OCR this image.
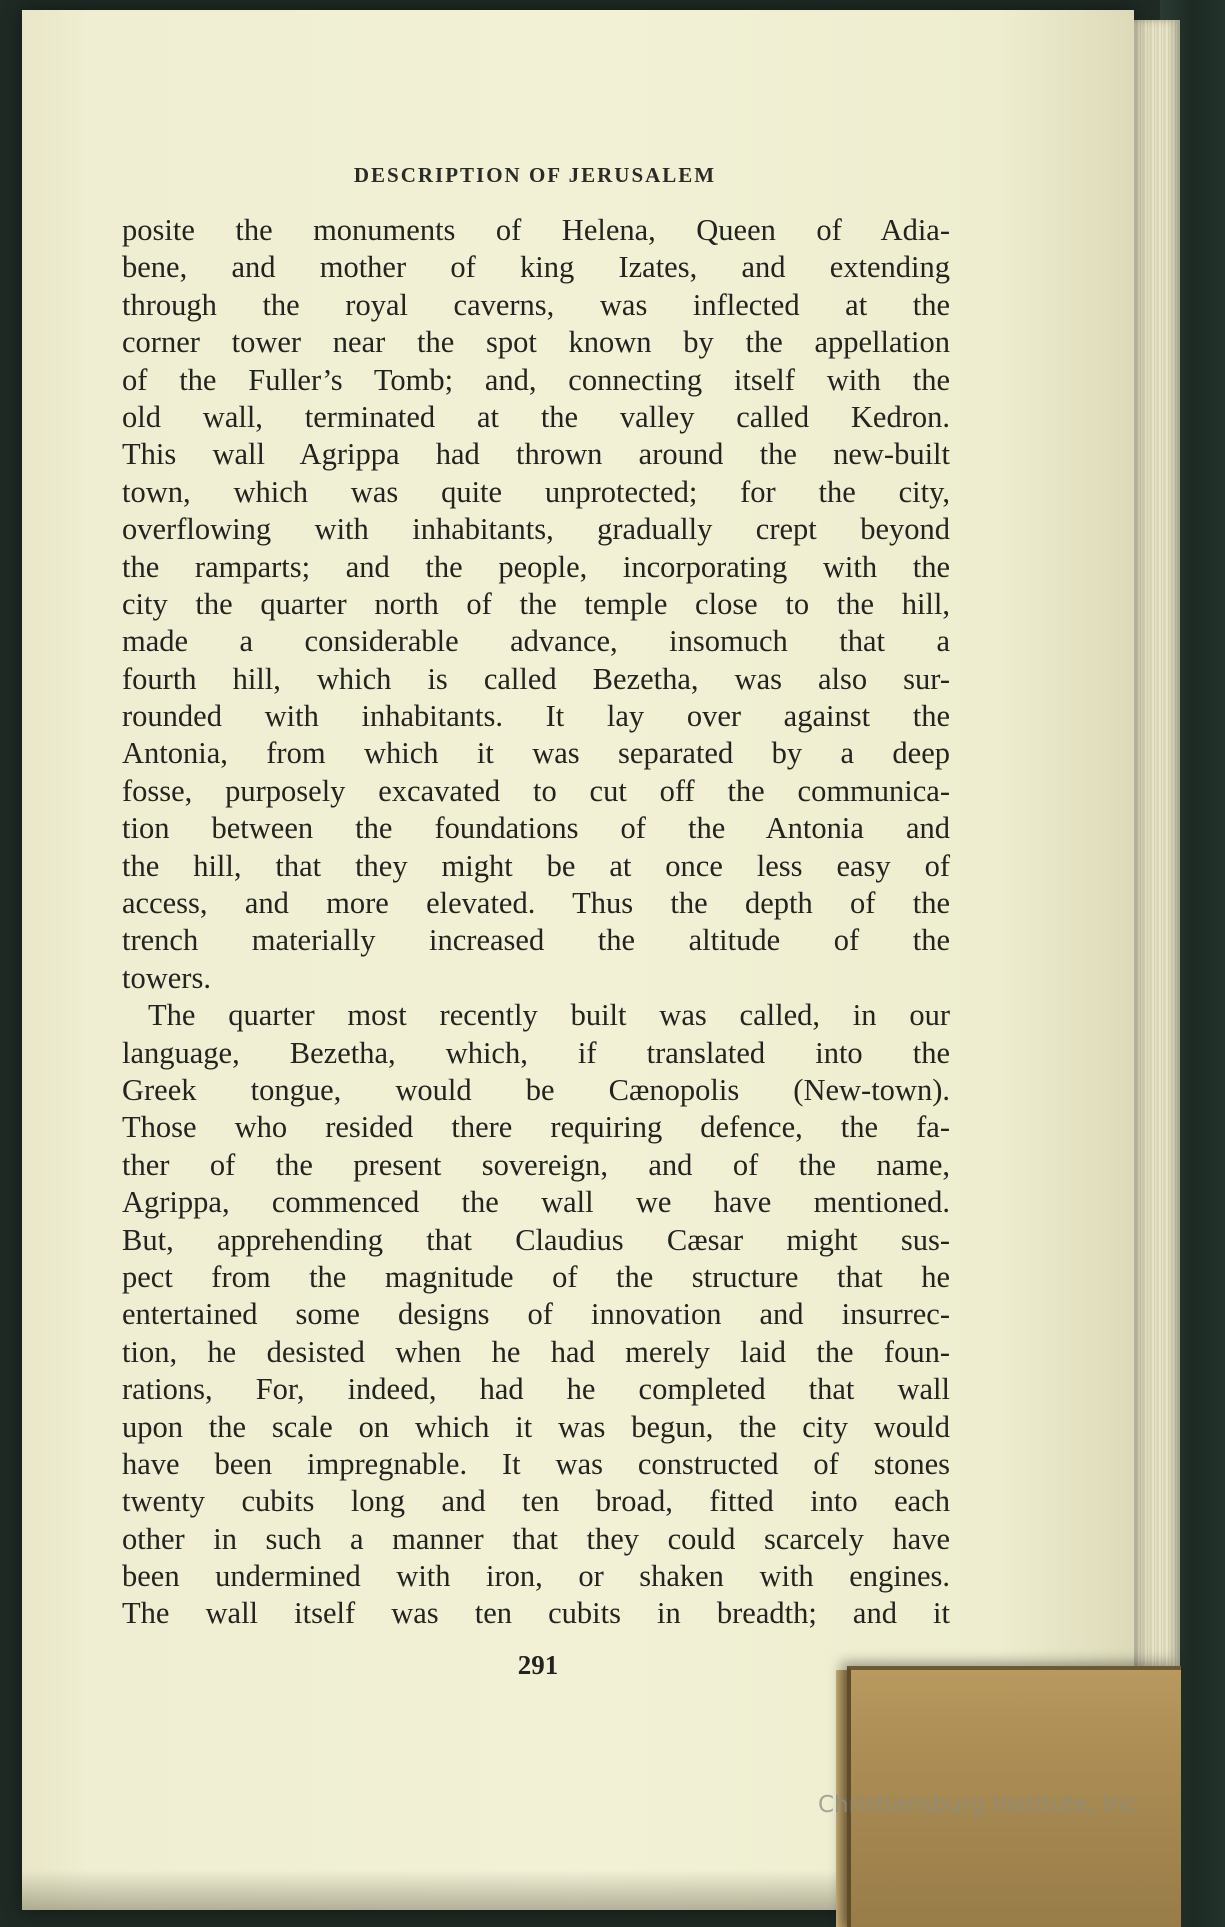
DESCRIPTION OF JERUSALEM
posite the monuments of Helena, Queen of Adia-
bene, and mother of king Izates, and extending
through the royal caverns, was inflected at the
corner tower near the spot known by the appellation
of the Fuller’s Tomb; and, connecting itself with the
old wall, terminated at the valley called Kedron.
This wall Agrippa had thrown around the new-built
town, which was quite unprotected; for the city,
overflowing with inhabitants, gradually crept beyond
the ramparts; and the people, incorporating with the
city the quarter north of the temple close to the hill,
made a considerable advance, insomuch that a
fourth hill, which is called Bezetha, was also sur-
rounded with inhabitants. It lay over against the
Antonia, from which it was separated by a deep
fosse, purposely excavated to cut off the communica-
tion between the foundations of the Antonia and
the hill, that they might be at once less easy of
access, and more elevated. Thus the depth of the
trench materially increased the altitude of the
towers.
The quarter most recently built was called, in our
language, Bezetha, which, if translated into the
Greek tongue, would be Cænopolis (New-town).
Those who resided there requiring defence, the fa-
ther of the present sovereign, and of the name,
Agrippa, commenced the wall we have mentioned.
But, apprehending that Claudius Cæsar might sus-
pect from the magnitude of the structure that he
entertained some designs of innovation and insurrec-
tion, he desisted when he had merely laid the foun-
rations, For, indeed, had he completed that wall
upon the scale on which it was begun, the city would
have been impregnable. It was constructed of stones
twenty cubits long and ten broad, fitted into each
other in such a manner that they could scarcely have
been undermined with iron, or shaken with engines.
The wall itself was ten cubits in breadth; and it
291
Christiansburg Institute, Inc
